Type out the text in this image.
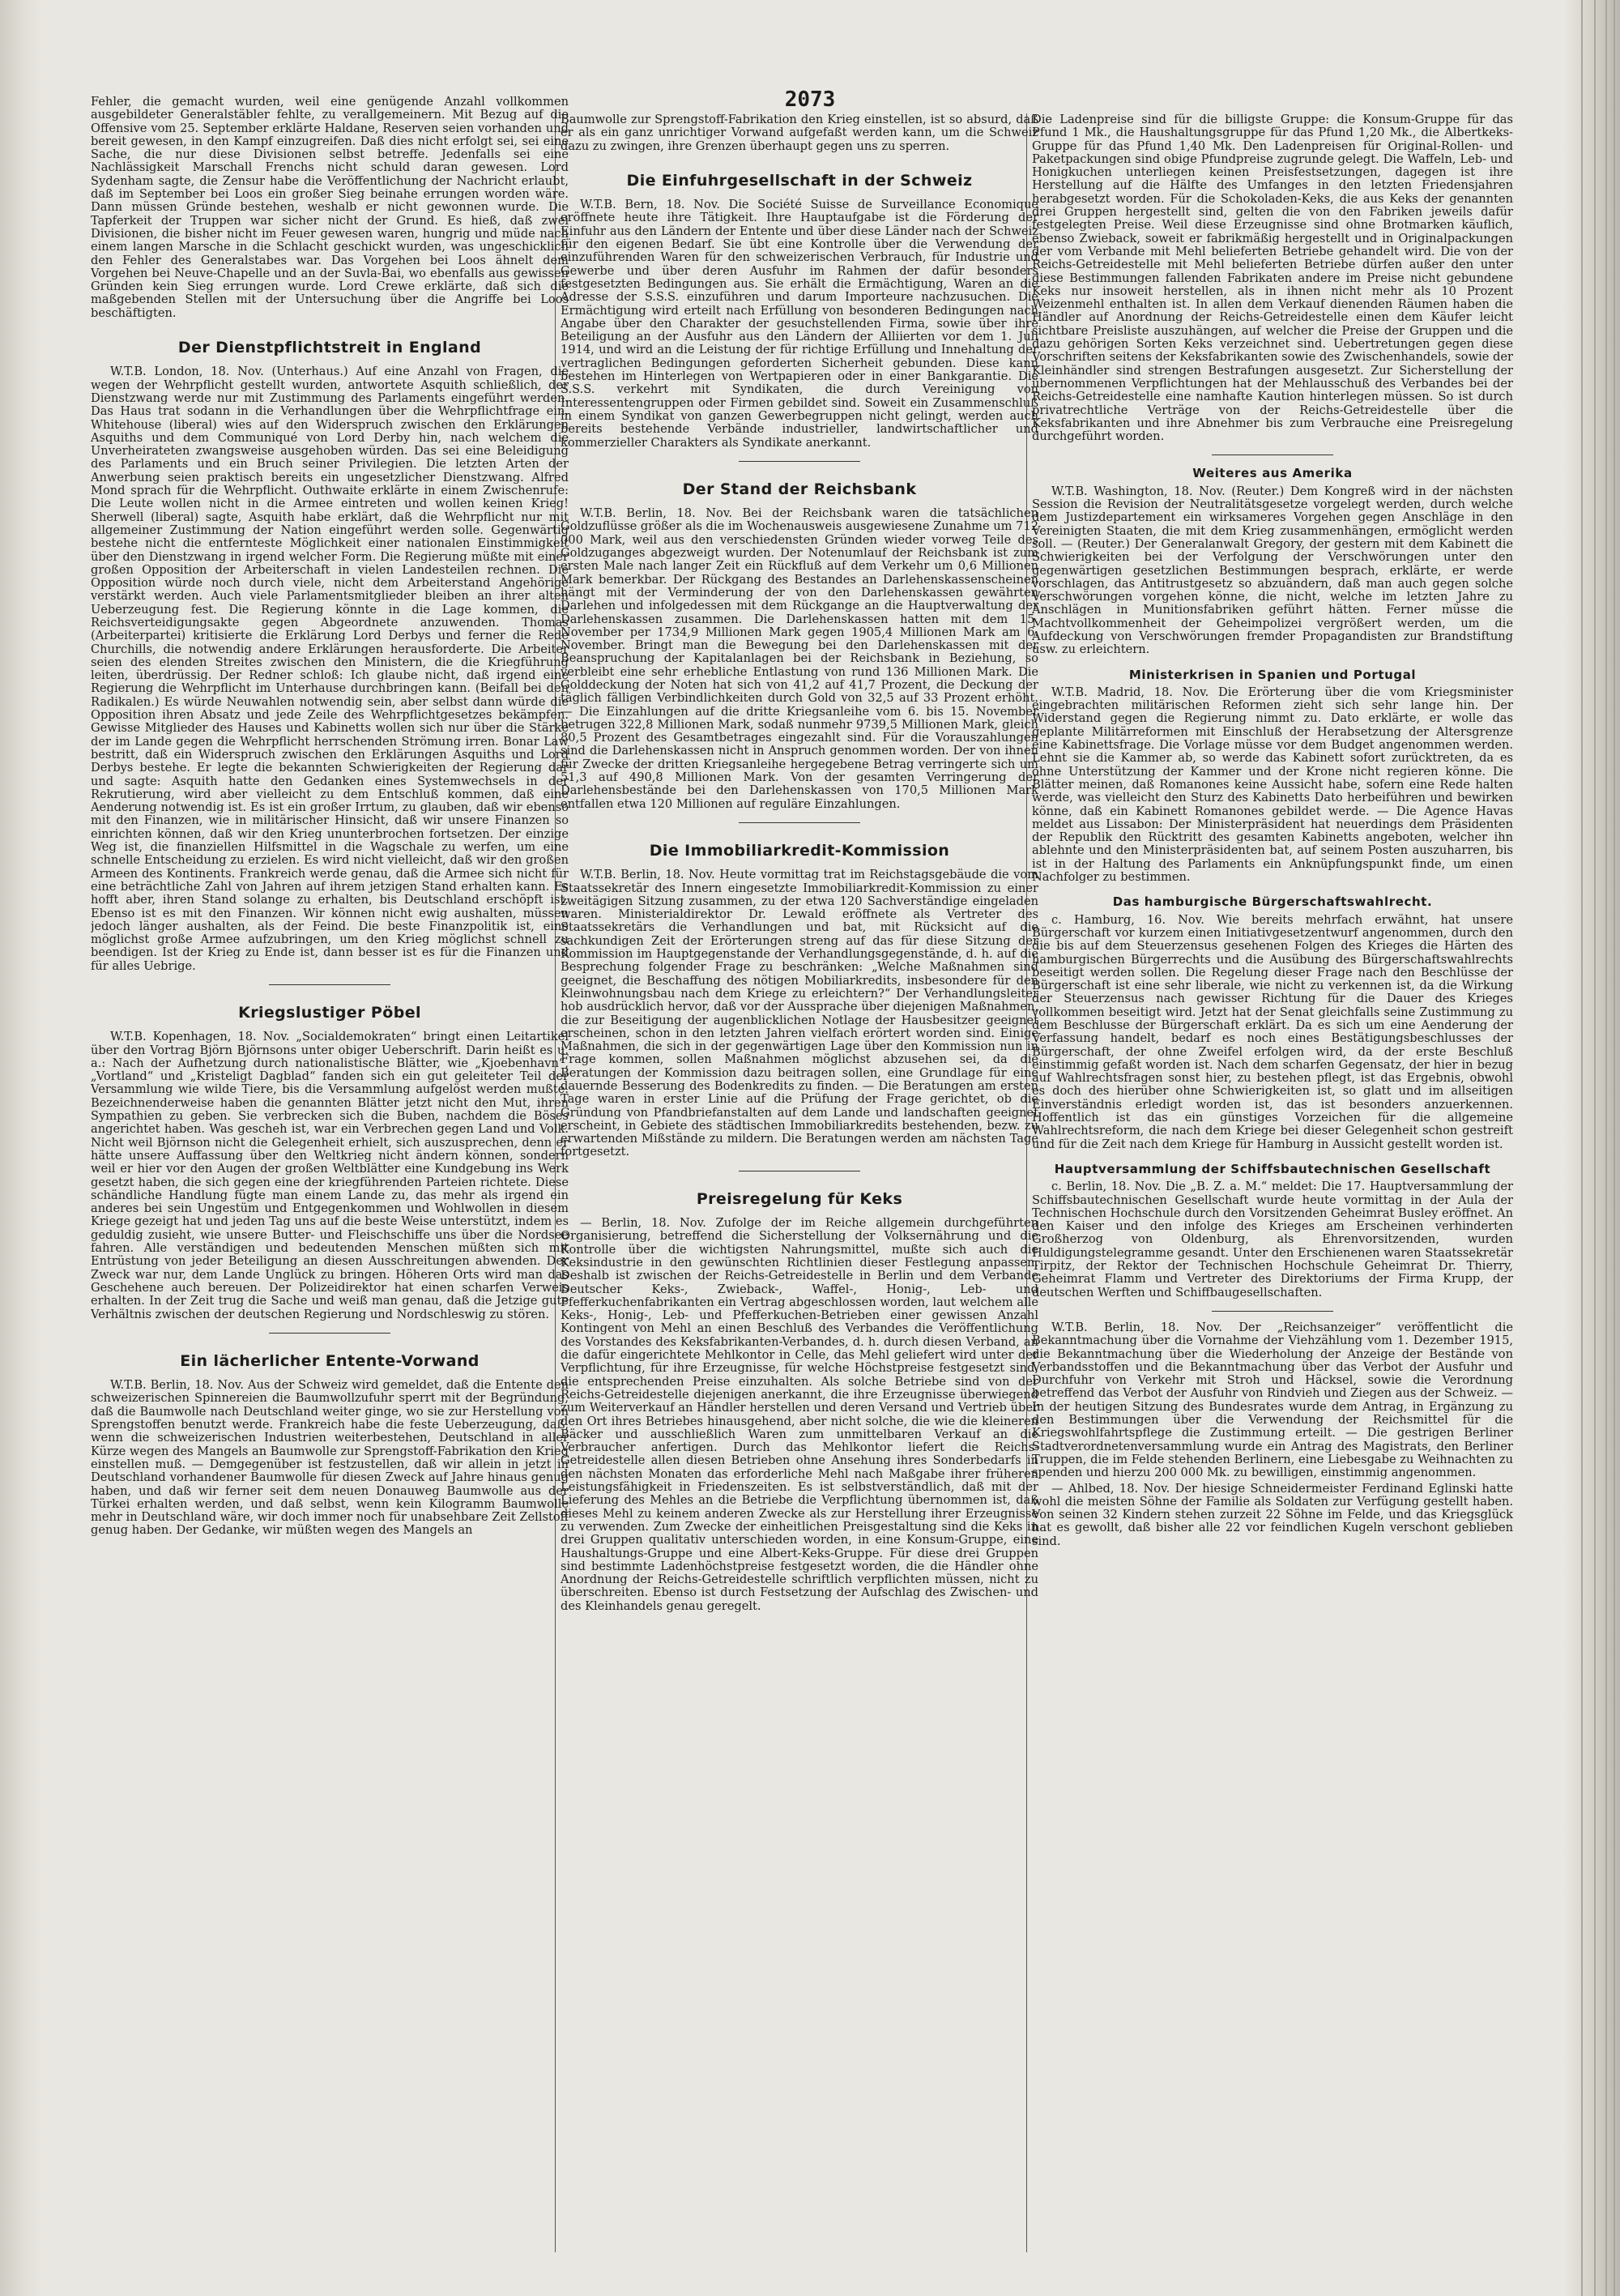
2073

Fehler, die gemacht wurden, weil eine genügende Anzahl vollkommen ausgebildeter Generalstäbler fehlte, zu verallgemeinern. Mit Bezug auf die Offensive vom 25. September erklärte Haldane, Reserven seien vorhanden und bereit gewesen, in den Kampf einzugreifen. Daß dies nicht erfolgt sei, sei eine Sache, die nur diese Divisionen selbst betreffe. Jedenfalls sei eine Nachlässigkeit Marschall Frenchs nicht schuld daran gewesen. Lord Sydenham sagte, die Zensur habe die Veröffentlichung der Nachricht erlaubt, daß im September bei Loos ein großer Sieg beinahe errungen worden wäre. Dann müssen Gründe bestehen, weshalb er nicht gewonnen wurde. Die Tapferkeit der Truppen war sicher nicht der Grund. Es hieß, daß zwei Divisionen, die bisher nicht im Feuer gewesen waren, hungrig und müde nach einem langen Marsche in die Schlacht geschickt wurden, was ungeschicklich den Fehler des Generalstabes war. Das Vorgehen bei Loos ähnelt dem Vorgehen bei Neuve-Chapelle und an der Suvla-Bai, wo ebenfalls aus gewissen Gründen kein Sieg errungen wurde. Lord Crewe erklärte, daß sich die maßgebenden Stellen mit der Untersuchung über die Angriffe bei Loos beschäftigten.

Der Dienstpflichtstreit in England

W.T.B. London, 18. Nov. (Unterhaus.) Auf eine Anzahl von Fragen, die wegen der Wehrpflicht gestellt wurden, antwortete Asquith schließlich, der Dienstzwang werde nur mit Zustimmung des Parlaments eingeführt werden. Das Haus trat sodann in die Verhandlungen über die Wehrpflichtfrage ein. Whitehouse (liberal) wies auf den Widerspruch zwischen den Erklärungen Asquiths und dem Communiqué von Lord Derby hin, nach welchem die Unverheirateten zwangsweise ausgehoben würden. Das sei eine Beleidigung des Parlaments und ein Bruch seiner Privilegien. Die letzten Arten der Anwerbung seien praktisch bereits ein ungesetzlicher Dienstzwang. Alfred Mond sprach für die Wehrpflicht. Outhwaite erklärte in einem Zwischenrufe: Die Leute wollen nicht in die Armee eintreten und wollen keinen Krieg! Sherwell (liberal) sagte, Asquith habe erklärt, daß die Wehrpflicht nur mit allgemeiner Zustimmung der Nation eingeführt werden solle. Gegenwärtig bestehe nicht die entfernteste Möglichkeit einer nationalen Einstimmigkeit über den Dienstzwang in irgend welcher Form. Die Regierung müßte mit einer großen Opposition der Arbeiterschaft in vielen Landesteilen rechnen. Die Opposition würde noch durch viele, nicht dem Arbeiterstand Angehörige verstärkt werden. Auch viele Parlamentsmitglieder bleiben an ihrer alten Ueberzeugung fest. Die Regierung könnte in die Lage kommen, die Reichsverteidigungsakte gegen Abgeordnete anzuwenden. Thomas (Arbeiterpartei) kritisierte die Erklärung Lord Derbys und ferner die Rede Churchills, die notwendig andere Erklärungen herausforderte. Die Arbeiter seien des elenden Streites zwischen den Ministern, die die Kriegführung leiten, überdrüssig. Der Redner schloß: Ich glaube nicht, daß irgend eine Regierung die Wehrpflicht im Unterhause durchbringen kann. (Beifall bei den Radikalen.) Es würde Neuwahlen notwendig sein, aber selbst dann würde die Opposition ihren Absatz und jede Zeile des Wehrpflichtgesetzes bekämpfen. Gewisse Mitglieder des Hauses und Kabinetts wollen sich nur über die Stärke der im Lande gegen die Wehrpflicht herrschenden Strömung irren. Bonar Law bestritt, daß ein Widerspruch zwischen den Erklärungen Asquiths und Lord Derbys bestehe. Er legte die bekannten Schwierigkeiten der Regierung dar und sagte: Asquith hatte den Gedanken eines Systemwechsels in der Rekrutierung, wird aber vielleicht zu dem Entschluß kommen, daß eine Aenderung notwendig ist. Es ist ein großer Irrtum, zu glauben, daß wir ebenso mit den Finanzen, wie in militärischer Hinsicht, daß wir unsere Finanzen so einrichten können, daß wir den Krieg ununterbrochen fortsetzen. Der einzige Weg ist, die finanziellen Hilfsmittel in die Wagschale zu werfen, um eine schnelle Entscheidung zu erzielen. Es wird nicht vielleicht, daß wir den großen Armeen des Kontinents. Frankreich werde genau, daß die Armee sich nicht für eine beträchtliche Zahl von Jahren auf ihrem jetzigen Stand erhalten kann. Es hofft aber, ihren Stand solange zu erhalten, bis Deutschland erschöpft ist. Ebenso ist es mit den Finanzen. Wir können nicht ewig aushalten, müssen jedoch länger aushalten, als der Feind. Die beste Finanzpolitik ist, eine möglichst große Armee aufzubringen, um den Krieg möglichst schnell zu beendigen. Ist der Krieg zu Ende ist, dann besser ist es für die Finanzen und für alles Uebrige.

Kriegslustiger Pöbel

W.T.B. Kopenhagen, 18. Nov. „Socialdemokraten“ bringt einen Leitartikel über den Vortrag Björn Björnsons unter obiger Ueberschrift. Darin heißt es u. a.: Nach der Aufhetzung durch nationalistische Blätter, wie „Kjoebenhavn“, „Vortland“ und „Kristeligt Dagblad“ fanden sich ein gut geleiteter Teil der Versammlung wie wilde Tiere, bis die Versammlung aufgelöst werden mußte. Bezeichnenderweise haben die genannten Blätter jetzt nicht den Mut, ihren Sympathien zu geben. Sie verbrecken sich die Buben, nachdem die Böses angerichtet haben. Was gescheh ist, war ein Verbrechen gegen Land und Volk. Nicht weil Björnson nicht die Gelegenheit erhielt, sich auszusprechen, denn er hätte unsere Auffassung über den Weltkrieg nicht ändern können, sondern weil er hier vor den Augen der großen Weltblätter eine Kundgebung ins Werk gesetzt haben, die sich gegen eine der kriegführenden Parteien richtete. Diese schändliche Handlung fügte man einem Lande zu, das mehr als irgend ein anderes bei sein Ungestüm und Entgegenkommen und Wohlwollen in diesem Kriege gezeigt hat und jeden Tag uns auf die beste Weise unterstützt, indem es geduldig zusieht, wie unsere Butter- und Fleischschiffe uns über die Nordsee fahren. Alle verständigen und bedeutenden Menschen müßten sich mit Entrüstung von jeder Beteiligung an diesen Ausschreitungen abwenden. Der Zweck war nur, dem Lande Unglück zu bringen. Höheren Orts wird man das Geschehene auch bereuen. Der Polizeidirektor hat einen scharfen Verweis erhalten. In der Zeit trug die Sache und weiß man genau, daß die Jetzige gute Verhältnis zwischen der deutschen Regierung und Nordschleswig zu stören.

Ein lächerlicher Entente-Vorwand

W.T.B. Berlin, 18. Nov. Aus der Schweiz wird gemeldet, daß die Entente den schweizerischen Spinnereien die Baumwollzufuhr sperrt mit der Begründung, daß die Baumwolle nach Deutschland weiter ginge, wo sie zur Herstellung von Sprengstoffen benutzt werde. Frankreich habe die feste Ueberzeugung, daß, wenn die schweizerischen Industrien weiterbestehen, Deutschland in aller Kürze wegen des Mangels an Baumwolle zur Sprengstoff-Fabrikation den Krieg einstellen muß. — Demgegenüber ist festzustellen, daß wir allein in jetzt in Deutschland vorhandener Baumwolle für diesen Zweck auf Jahre hinaus genug haben, und daß wir ferner seit dem neuen Donauweg Baumwolle aus der Türkei erhalten werden, und daß selbst, wenn kein Kilogramm Baumwolle mehr in Deutschland wäre, wir doch immer noch für unabsehbare Zeit Zellstoff genug haben. Der Gedanke, wir müßten wegen des Mangels an

Baumwolle zur Sprengstoff-Fabrikation den Krieg einstellen, ist so absurd, daß er als ein ganz unrichtiger Vorwand aufgefaßt werden kann, um die Schweiz dazu zu zwingen, ihre Grenzen überhaupt gegen uns zu sperren.

Die Einfuhrgesellschaft in der Schweiz

W.T.B. Bern, 18. Nov. Die Société Suisse de Surveillance Economique eröffnete heute ihre Tätigkeit. Ihre Hauptaufgabe ist die Förderung der Einfuhr aus den Ländern der Entente und über diese Länder nach der Schweiz für den eigenen Bedarf. Sie übt eine Kontrolle über die Verwendung der einzuführenden Waren für den schweizerischen Verbrauch, für Industrie und Gewerbe und über deren Ausfuhr im Rahmen der dafür besonders festgesetzten Bedingungen aus. Sie erhält die Ermächtigung, Waren an die Adresse der S.S.S. einzuführen und darum Importeure nachzusuchen. Die Ermächtigung wird erteilt nach Erfüllung von besonderen Bedingungen nach Angabe über den Charakter der gesuchstellenden Firma, sowie über ihre Beteiligung an der Ausfuhr aus den Ländern der Alliierten vor dem 1. Juli 1914, und wird an die Leistung der für richtige Erfüllung und Innehaltung der vertraglichen Bedingungen geforderten Sicherheit gebunden. Diese kann bestehen im Hinterlegen von Wertpapieren oder in einer Bankgarantie. Die S.S.S. verkehrt mit Syndikaten, die durch Vereinigung von Interessentengruppen oder Firmen gebildet sind. Soweit ein Zusammenschluß in einem Syndikat von ganzen Gewerbegruppen nicht gelingt, werden auch bereits bestehende Verbände industrieller, landwirtschaftlicher und kommerzieller Charakters als Syndikate anerkannt.

Der Stand der Reichsbank

W.T.B. Berlin, 18. Nov. Bei der Reichsbank waren die tatsächlichen Goldzuflüsse größer als die im Wochenausweis ausgewiesene Zunahme um 712 000 Mark, weil aus den verschiedensten Gründen wieder vorweg Teile des Goldzuganges abgezweigt wurden. Der Notenumlauf der Reichsbank ist zum ersten Male nach langer Zeit ein Rückfluß auf dem Verkehr um 0,6 Millionen Mark bemerkbar. Der Rückgang des Bestandes an Darlehenskassenscheinen hängt mit der Verminderung der von den Darlehenskassen gewährten Darlehen und infolgedessen mit dem Rückgange an die Hauptverwaltung der Darlehenskassen zusammen. Die Darlehenskassen hatten mit dem 15. November per 1734,9 Millionen Mark gegen 1905,4 Millionen Mark am 6. November. Bringt man die Bewegung bei den Darlehenskassen mit der Beanspruchung der Kapitalanlagen bei der Reichsbank in Beziehung, so verbleibt eine sehr erhebliche Entlastung von rund 136 Millionen Mark. Die Golddeckung der Noten hat sich von 41,2 auf 41,7 Prozent, die Deckung der täglich fälligen Verbindlichkeiten durch Gold von 32,5 auf 33 Prozent erhöht. — Die Einzahlungen auf die dritte Kriegsanleihe vom 6. bis 15. November betrugen 322,8 Millionen Mark, sodaß nunmehr 9739,5 Millionen Mark, gleich 80,5 Prozent des Gesamtbetrages eingezahlt sind. Für die Vorauszahlungen sind die Darlehenskassen nicht in Anspruch genommen worden. Der von ihnen für Zwecke der dritten Kriegsanleihe hergegebene Betrag verringerte sich um 51,3 auf 490,8 Millionen Mark. Von der gesamten Verringerung der Darlehensbestände bei den Darlehenskassen von 170,5 Millionen Mark entfallen etwa 120 Millionen auf reguläre Einzahlungen.

Die Immobiliarkredit-Kommission

W.T.B. Berlin, 18. Nov. Heute vormittag trat im Reichstagsgebäude die vom Staatssekretär des Innern eingesetzte Immobiliarkredit-Kommission zu einer zweitägigen Sitzung zusammen, zu der etwa 120 Sachverständige eingeladen waren. Ministerialdirektor Dr. Lewald eröffnete als Vertreter des Staatssekretärs die Verhandlungen und bat, mit Rücksicht auf die sachkundigen Zeit der Erörterungen streng auf das für diese Sitzung der Kommission im Hauptgegenstande der Verhandlungsgegenstände, d. h. auf die Besprechung folgender Frage zu beschränken: „Welche Maßnahmen sind geeignet, die Beschaffung des nötigen Mobiliarkredits, insbesondere für den Kleinwohnungsbau nach dem Kriege zu erleichtern?“ Der Verhandlungsleiter hob ausdrücklich hervor, daß vor der Aussprache über diejenigen Maßnahmen, die zur Beseitigung der augenblicklichen Notlage der Hausbesitzer geeignet erscheinen, schon in den letzten Jahren vielfach erörtert worden sind. Einige Maßnahmen, die sich in der gegenwärtigen Lage über den Kommission nun in Frage kommen, sollen Maßnahmen möglichst abzusehen sei, da die Beratungen der Kommission dazu beitragen sollen, eine Grundlage für eine dauernde Besserung des Bodenkredits zu finden. — Die Beratungen am ersten Tage waren in erster Linie auf die Prüfung der Frage gerichtet, ob die Gründung von Pfandbriefanstalten auf dem Lande und landschaften geeignet erscheint, in Gebiete des städtischen Immobiliarkredits bestehenden, bezw. zu erwartenden Mißstände zu mildern. Die Beratungen werden am nächsten Tage fortgesetzt.

Preisregelung für Keks

— Berlin, 18. Nov. Zufolge der im Reiche allgemein durchgeführten Organisierung, betreffend die Sicherstellung der Volksernährung und die Kontrolle über die wichtigsten Nahrungsmittel, mußte sich auch die Keksindustrie in den gewünschten Richtlinien dieser Festlegung anpassen. Deshalb ist zwischen der Reichs-Getreidestelle in Berlin und dem Verbande Deutscher Keks-, Zwieback-, Waffel-, Honig-, Leb- und Pfefferkuchenfabrikanten ein Vertrag abgeschlossen worden, laut welchem alle Keks-, Honig-, Leb- und Pfefferkuchen-Betrieben einer gewissen Anzahl Kontingent von Mehl an einen Beschluß des Verbandes die Veröffentlichung des Vorstandes des Keksfabrikanten-Verbandes, d. h. durch diesen Verband, an die dafür eingerichtete Mehlkontor in Celle, das Mehl geliefert wird unter der Verpflichtung, für ihre Erzeugnisse, für welche Höchstpreise festgesetzt sind, die entsprechenden Preise einzuhalten. Als solche Betriebe sind von der Reichs-Getreidestelle diejenigen anerkannt, die ihre Erzeugnisse überwiegend zum Weiterverkauf an Händler herstellen und deren Versand und Vertrieb über den Ort ihres Betriebes hinausgehend, aber nicht solche, die wie die kleineren Bäcker und ausschließlich Waren zum unmittelbaren Verkauf an die Verbraucher anfertigen. Durch das Mehlkontor liefert die Reichs-Getreidestelle allen diesen Betrieben ohne Ansehung ihres Sonderbedarfs in den nächsten Monaten das erforderliche Mehl nach Maßgabe ihrer früheren Leistungsfähigkeit in Friedenszeiten. Es ist selbstverständlich, daß mit der Lieferung des Mehles an die Betriebe die Verpflichtung übernommen ist, daß dieses Mehl zu keinem anderen Zwecke als zur Herstellung ihrer Erzeugnisse zu verwenden. Zum Zwecke der einheitlichen Preisgestaltung sind die Keks in drei Gruppen qualitativ unterschieden worden, in eine Konsum-Gruppe, eine Haushaltungs-Gruppe und eine Albert-Keks-Gruppe. Für diese drei Gruppen sind bestimmte Ladenhöchstpreise festgesetzt worden, die die Händler ohne Anordnung der Reichs-Getreidestelle schriftlich verpflichten müssen, nicht zu überschreiten. Ebenso ist durch Festsetzung der Aufschlag des Zwischen- und des Kleinhandels genau geregelt.

Die Ladenpreise sind für die billigste Gruppe: die Konsum-Gruppe für das Pfund 1 Mk., die Haushaltungsgruppe für das Pfund 1,20 Mk., die Albertkeks-Gruppe für das Pfund 1,40 Mk. Den Ladenpreisen für Original-Rollen- und Paketpackungen sind obige Pfundpreise zugrunde gelegt. Die Waffeln, Leb- und Honigkuchen unterliegen keinen Preisfestsetzungen, dagegen ist ihre Herstellung auf die Hälfte des Umfanges in den letzten Friedensjahren herabgesetzt worden. Für die Schokoladen-Keks, die aus Keks der genannten drei Gruppen hergestellt sind, gelten die von den Fabriken jeweils dafür festgelegten Preise. Weil diese Erzeugnisse sind ohne Brotmarken käuflich, ebenso Zwieback, soweit er fabrikmäßig hergestellt und in Originalpackungen der vom Verbande mit Mehl belieferten Betriebe gehandelt wird. Die von der Reichs-Getreidestelle mit Mehl belieferten Betriebe dürfen außer den unter diese Bestimmungen fallenden Fabrikaten andere im Preise nicht gebundene Keks nur insoweit herstellen, als in ihnen nicht mehr als 10 Prozent Weizenmehl enthalten ist. In allen dem Verkauf dienenden Räumen haben die Händler auf Anordnung der Reichs-Getreidestelle einen dem Käufer leicht sichtbare Preisliste auszuhängen, auf welcher die Preise der Gruppen und die dazu gehörigen Sorten Keks verzeichnet sind. Uebertretungen gegen diese Vorschriften seitens der Keksfabrikanten sowie des Zwischenhandels, sowie der Kleinhändler sind strengen Bestrafungen ausgesetzt. Zur Sicherstellung der übernommenen Verpflichtungen hat der Mehlausschuß des Verbandes bei der Reichs-Getreidestelle eine namhafte Kaution hinterlegen müssen. So ist durch privatrechtliche Verträge von der Reichs-Getreidestelle über die Keksfabrikanten und ihre Abnehmer bis zum Verbrauche eine Preisregelung durchgeführt worden.

Weiteres aus Amerika

W.T.B. Washington, 18. Nov. (Reuter.) Dem Kongreß wird in der nächsten Session die Revision der Neutralitätsgesetze vorgelegt werden, durch welche dem Justizdepartement ein wirksameres Vorgehen gegen Anschläge in den Vereinigten Staaten, die mit dem Krieg zusammenhängen, ermöglicht werden soll. — (Reuter.) Der Generalanwalt Gregory, der gestern mit dem Kabinett die Schwierigkeiten bei der Verfolgung der Verschwörungen unter den gegenwärtigen gesetzlichen Bestimmungen besprach, erklärte, er werde vorschlagen, das Antitrustgesetz so abzuändern, daß man auch gegen solche Verschwörungen vorgehen könne, die nicht, welche im letzten Jahre zu Anschlägen in Munitionsfabriken geführt hätten. Ferner müsse die Machtvollkommenheit der Geheimpolizei vergrößert werden, um die Aufdeckung von Verschwörungen fremder Propagandisten zur Brandstiftung usw. zu erleichtern.

Ministerkrisen in Spanien und Portugal

W.T.B. Madrid, 18. Nov. Die Erörterung über die vom Kriegsminister eingebrachten militärischen Reformen zieht sich sehr lange hin. Der Widerstand gegen die Regierung nimmt zu. Dato erklärte, er wolle das geplante Militärreformen mit Einschluß der Herabsetzung der Altersgrenze eine Kabinettsfrage. Die Vorlage müsse vor dem Budget angenommen werden. Lehnt sie die Kammer ab, so werde das Kabinett sofort zurücktreten, da es ohne Unterstützung der Kammer und der Krone nicht regieren könne. Die Blätter meinen, daß Romanones keine Aussicht habe, sofern eine Rede halten werde, was vielleicht den Sturz des Kabinetts Dato herbeiführen und bewirken könne, daß ein Kabinett Romanones gebildet werde. — Die Agence Havas meldet aus Lissabon: Der Ministerpräsident hat neuerdings dem Präsidenten der Republik den Rücktritt des gesamten Kabinetts angeboten, welcher ihn ablehnte und den Ministerpräsidenten bat, auf seinem Posten auszuharren, bis ist in der Haltung des Parlaments ein Anknüpfungspunkt finde, um einen Nachfolger zu bestimmen.

Das hamburgische Bürgerschaftswahlrecht.

c. Hamburg, 16. Nov. Wie bereits mehrfach erwähnt, hat unsere Bürgerschaft vor kurzem einen Initiativgesetzentwurf angenommen, durch den die bis auf dem Steuerzensus gesehenen Folgen des Krieges die Härten des hamburgischen Bürgerrechts und die Ausübung des Bürgerschaftswahlrechts beseitigt werden sollen. Die Regelung dieser Frage nach den Beschlüsse der Bürgerschaft ist eine sehr liberale, wie nicht zu verkennen ist, da die Wirkung der Steuerzensus nach gewisser Richtung für die Dauer des Krieges vollkommen beseitigt wird. Jetzt hat der Senat gleichfalls seine Zustimmung zu dem Beschlusse der Bürgerschaft erklärt. Da es sich um eine Aenderung der Verfassung handelt, bedarf es noch eines Bestätigungsbeschlusses der Bürgerschaft, der ohne Zweifel erfolgen wird, da der erste Beschluß einstimmig gefaßt worden ist. Nach dem scharfen Gegensatz, der hier in bezug auf Wahlrechtsfragen sonst hier, zu bestehen pflegt, ist das Ergebnis, obwohl es doch des hierüber ohne Schwierigkeiten ist, so glatt und im allseitigen Einverständnis erledigt worden ist, das ist besonders anzuerkennen. Hoffentlich ist das ein günstiges Vorzeichen für die allgemeine Wahlrechtsreform, die nach dem Kriege bei dieser Gelegenheit schon gestreift und für die Zeit nach dem Kriege für Hamburg in Aussicht gestellt worden ist.

Hauptversammlung der Schiffsbautechnischen Gesellschaft

c. Berlin, 18. Nov. Die „B. Z. a. M.“ meldet: Die 17. Hauptversammlung der Schiffsbautechnischen Gesellschaft wurde heute vormittag in der Aula der Technischen Hochschule durch den Vorsitzenden Geheimrat Busley eröffnet. An den Kaiser und den infolge des Krieges am Erscheinen verhinderten Großherzog von Oldenburg, als Ehrenvorsitzenden, wurden Huldigungstelegramme gesandt. Unter den Erschienenen waren Staatssekretär Tirpitz, der Rektor der Technischen Hochschule Geheimrat Dr. Thierry, Geheimrat Flamm und Vertreter des Direktoriums der Firma Krupp, der deutschen Werften und Schiffbaugesellschaften.

W.T.B. Berlin, 18. Nov. Der „Reichsanzeiger“ veröffentlicht die Bekanntmachung über die Vornahme der Viehzählung vom 1. Dezember 1915, die Bekanntmachung über die Wiederholung der Anzeige der Bestände von Verbandsstoffen und die Bekanntmachung über das Verbot der Ausfuhr und Durchfuhr von Verkehr mit Stroh und Häcksel, sowie die Verordnung betreffend das Verbot der Ausfuhr von Rindvieh und Ziegen aus der Schweiz. — In der heutigen Sitzung des Bundesrates wurde dem Antrag, in Ergänzung zu den Bestimmungen über die Verwendung der Reichsmittel für die Kriegswohlfahrtspflege die Zustimmung erteilt. — Die gestrigen Berliner Stadtverordnetenversammlung wurde ein Antrag des Magistrats, den Berliner Truppen, die im Felde stehenden Berlinern, eine Liebesgabe zu Weihnachten zu spenden und hierzu 200 000 Mk. zu bewilligen, einstimmig angenommen.

— Ahlbed, 18. Nov. Der hiesige Schneidermeister Ferdinand Eglinski hatte wohl die meisten Söhne der Familie als Soldaten zur Verfügung gestellt haben. Von seinen 32 Kindern stehen zurzeit 22 Söhne im Felde, und das Kriegsglück hat es gewollt, daß bisher alle 22 vor feindlichen Kugeln verschont geblieben sind.
